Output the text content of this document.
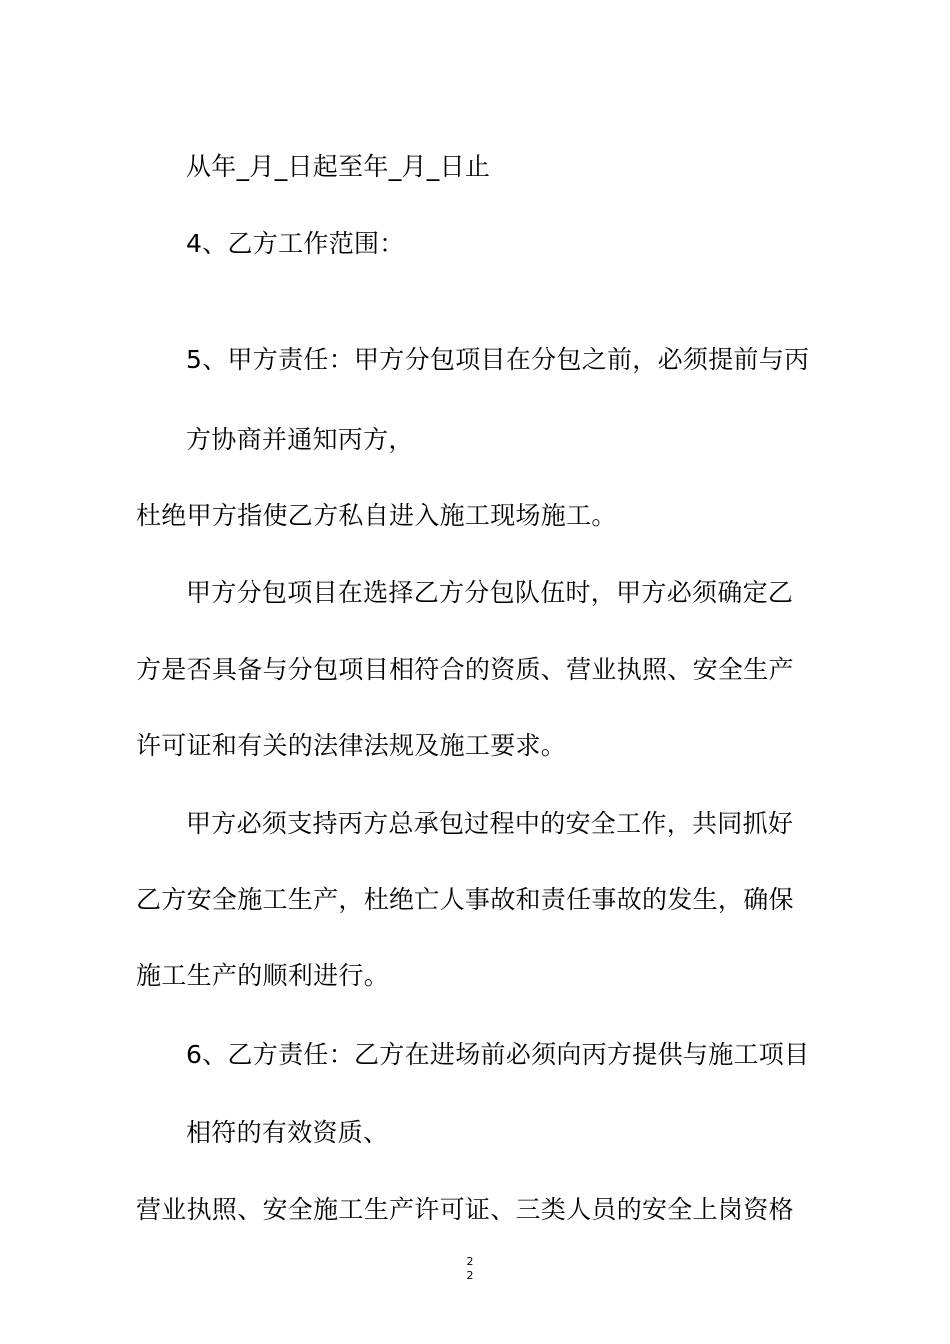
从年_月_日起至年_月_日止
4、乙方工作范围：
5、甲方责任：甲方分包项目在分包之前，必须提前与丙
方协商并通知丙方，
杜绝甲方指使乙方私自进入施工现场施工。
甲方分包项目在选择乙方分包队伍时，甲方必须确定乙
方是否具备与分包项目相符合的资质、营业执照、安全生产
许可证和有关的法律法规及施工要求。
甲方必须支持丙方总承包过程中的安全工作，共同抓好
乙方安全施工生产，杜绝亡人事故和责任事故的发生，确保
施工生产的顺利进行。
6、乙方责任：乙方在进场前必须向丙方提供与施工项目
相符的有效资质、
营业执照、安全施工生产许可证、三类人员的安全上岗资格
2
2
